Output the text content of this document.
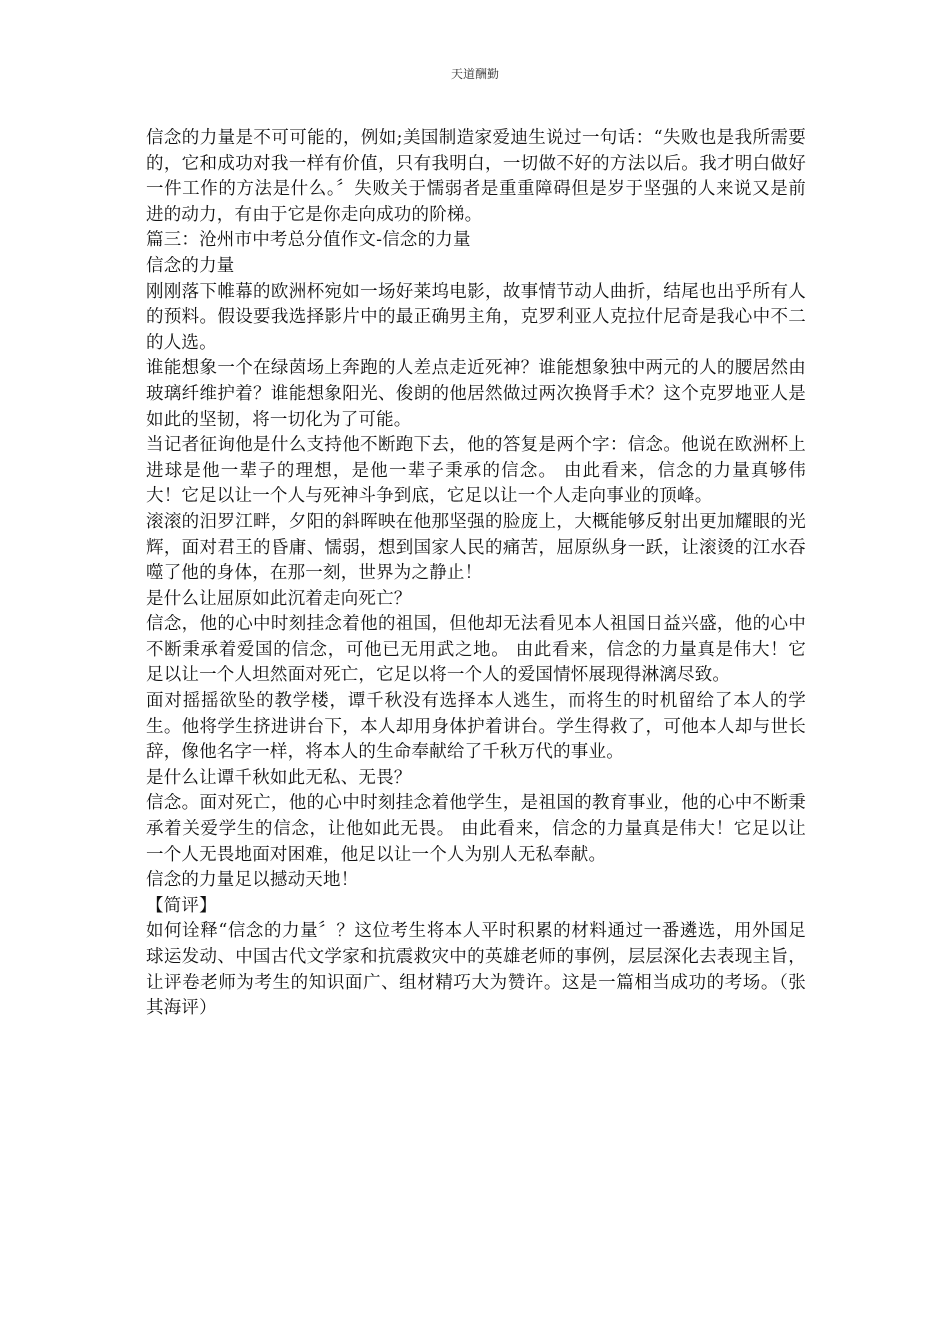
天道酬勤

信念的力量是不可可能的，例如;美国制造家爱迪生说过一句话：“失败也是我所需要的，它和成功对我一样有价值，只有我明白，一切做不好的方法以后。我才明白做好一件工作的方法是什么。〞失败关于懦弱者是重重障碍但是岁于坚强的人来说又是前进的动力，有由于它是你走向成功的阶梯。

篇三：沧州市中考总分值作文-信念的力量

信念的力量

刚刚落下帷幕的欧洲杯宛如一场好莱坞电影，故事情节动人曲折，结尾也出乎所有人的预料。假设要我选择影片中的最正确男主角，克罗利亚人克拉什尼奇是我心中不二的人选。

谁能想象一个在绿茵场上奔跑的人差点走近死神？谁能想象独中两元的人的腰居然由玻璃纤维护着？谁能想象阳光、俊朗的他居然做过两次换肾手术？这个克罗地亚人是如此的坚韧，将一切化为了可能。

当记者征询他是什么支持他不断跑下去，他的答复是两个字：信念。他说在欧洲杯上进球是他一辈子的理想，是他一辈子秉承的信念。 由此看来，信念的力量真够伟大！它足以让一个人与死神斗争到底，它足以让一个人走向事业的顶峰。

滚滚的汨罗江畔，夕阳的斜晖映在他那坚强的脸庞上，大概能够反射出更加耀眼的光辉，面对君王的昏庸、懦弱，想到国家人民的痛苦，屈原纵身一跃，让滚烫的江水吞噬了他的身体，在那一刻，世界为之静止！

是什么让屈原如此沉着走向死亡？

信念，他的心中时刻挂念着他的祖国，但他却无法看见本人祖国日益兴盛，他的心中不断秉承着爱国的信念，可他已无用武之地。 由此看来，信念的力量真是伟大！它足以让一个人坦然面对死亡，它足以将一个人的爱国情怀展现得淋漓尽致。

面对摇摇欲坠的教学楼，谭千秋没有选择本人逃生，而将生的时机留给了本人的学生。他将学生挤进讲台下，本人却用身体护着讲台。学生得救了，可他本人却与世长辞，像他名字一样，将本人的生命奉献给了千秋万代的事业。

是什么让谭千秋如此无私、无畏？

信念。面对死亡，他的心中时刻挂念着他学生，是祖国的教育事业，他的心中不断秉承着关爱学生的信念，让他如此无畏。 由此看来，信念的力量真是伟大！它足以让一个人无畏地面对困难，他足以让一个人为别人无私奉献。

信念的力量足以撼动天地！

【简评】

如何诠释“信念的力量〞？这位考生将本人平时积累的材料通过一番遴选，用外国足球运发动、中国古代文学家和抗震救灾中的英雄老师的事例，层层深化去表现主旨，让评卷老师为考生的知识面广、组材精巧大为赞许。这是一篇相当成功的考场。（张其海评）
